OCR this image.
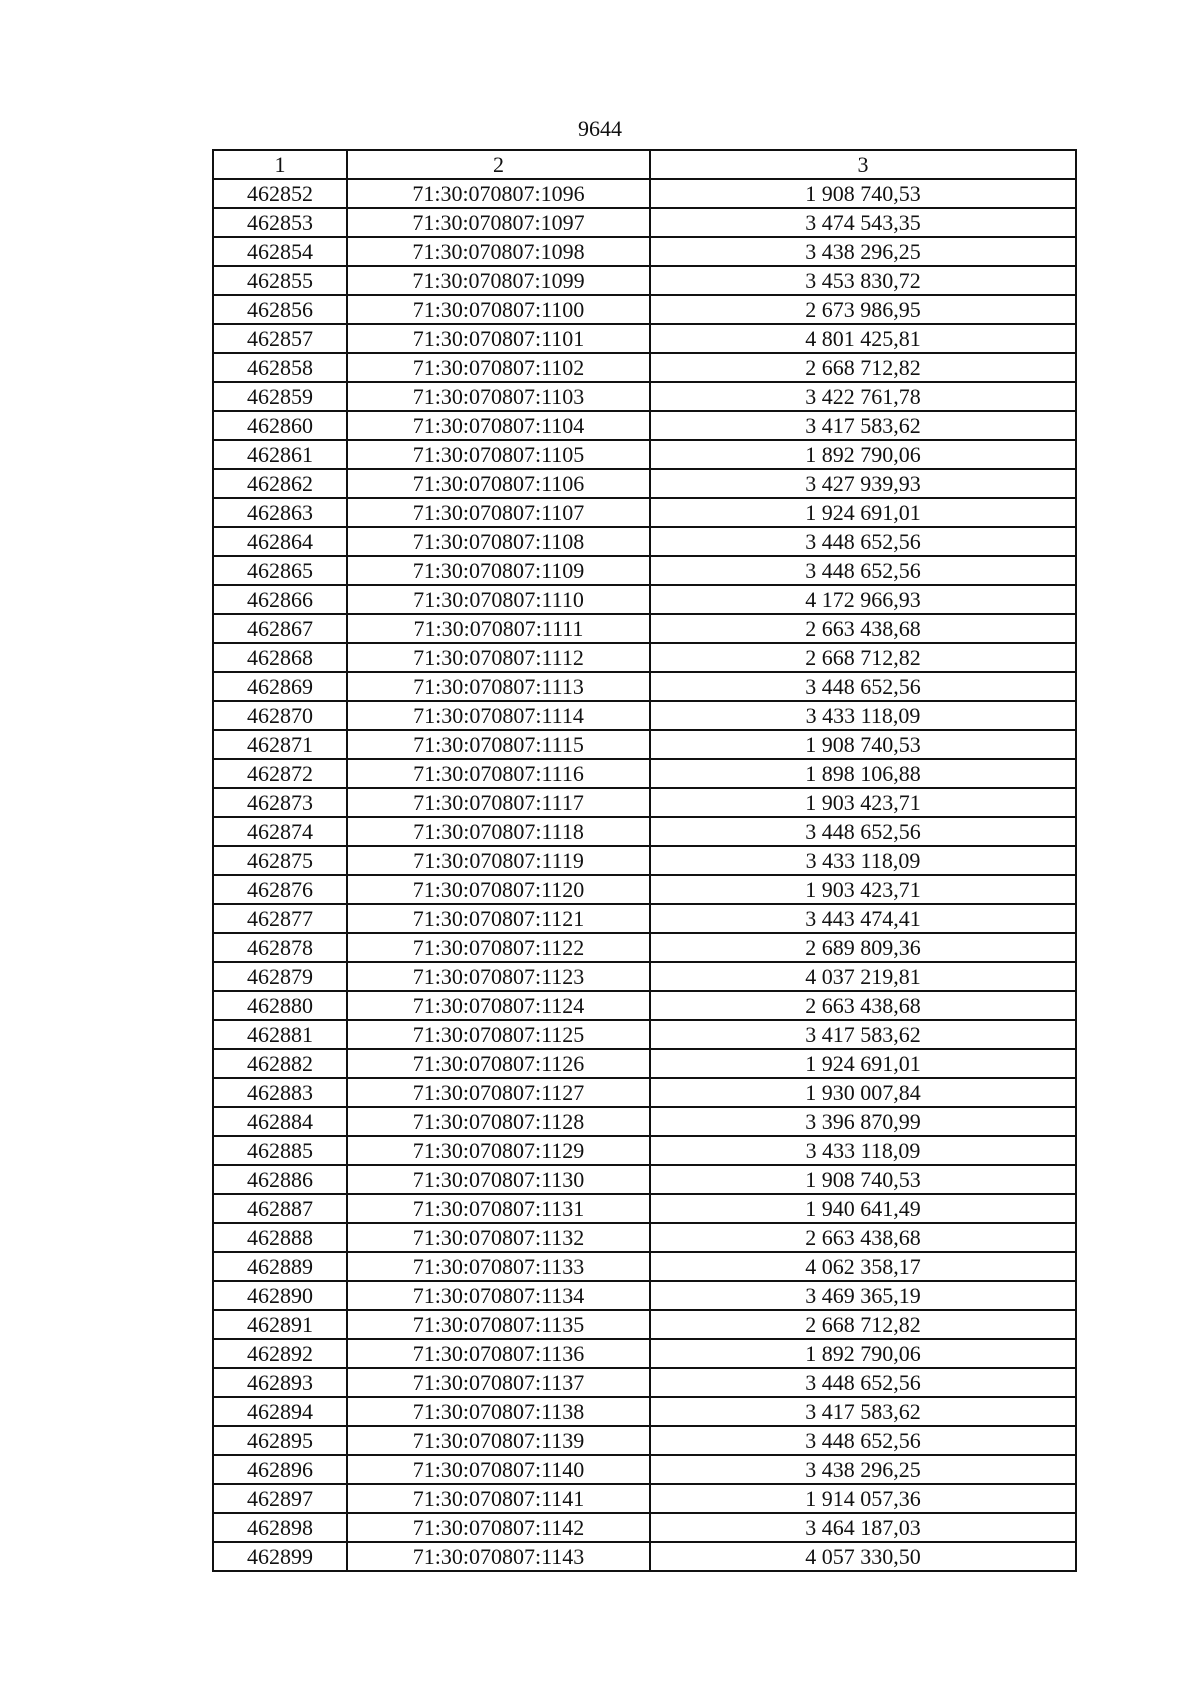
9644
1	2	3
462852	71:30:070807:1096	1 908 740,53
462853	71:30:070807:1097	3 474 543,35
462854	71:30:070807:1098	3 438 296,25
462855	71:30:070807:1099	3 453 830,72
462856	71:30:070807:1100	2 673 986,95
462857	71:30:070807:1101	4 801 425,81
462858	71:30:070807:1102	2 668 712,82
462859	71:30:070807:1103	3 422 761,78
462860	71:30:070807:1104	3 417 583,62
462861	71:30:070807:1105	1 892 790,06
462862	71:30:070807:1106	3 427 939,93
462863	71:30:070807:1107	1 924 691,01
462864	71:30:070807:1108	3 448 652,56
462865	71:30:070807:1109	3 448 652,56
462866	71:30:070807:1110	4 172 966,93
462867	71:30:070807:1111	2 663 438,68
462868	71:30:070807:1112	2 668 712,82
462869	71:30:070807:1113	3 448 652,56
462870	71:30:070807:1114	3 433 118,09
462871	71:30:070807:1115	1 908 740,53
462872	71:30:070807:1116	1 898 106,88
462873	71:30:070807:1117	1 903 423,71
462874	71:30:070807:1118	3 448 652,56
462875	71:30:070807:1119	3 433 118,09
462876	71:30:070807:1120	1 903 423,71
462877	71:30:070807:1121	3 443 474,41
462878	71:30:070807:1122	2 689 809,36
462879	71:30:070807:1123	4 037 219,81
462880	71:30:070807:1124	2 663 438,68
462881	71:30:070807:1125	3 417 583,62
462882	71:30:070807:1126	1 924 691,01
462883	71:30:070807:1127	1 930 007,84
462884	71:30:070807:1128	3 396 870,99
462885	71:30:070807:1129	3 433 118,09
462886	71:30:070807:1130	1 908 740,53
462887	71:30:070807:1131	1 940 641,49
462888	71:30:070807:1132	2 663 438,68
462889	71:30:070807:1133	4 062 358,17
462890	71:30:070807:1134	3 469 365,19
462891	71:30:070807:1135	2 668 712,82
462892	71:30:070807:1136	1 892 790,06
462893	71:30:070807:1137	3 448 652,56
462894	71:30:070807:1138	3 417 583,62
462895	71:30:070807:1139	3 448 652,56
462896	71:30:070807:1140	3 438 296,25
462897	71:30:070807:1141	1 914 057,36
462898	71:30:070807:1142	3 464 187,03
462899	71:30:070807:1143	4 057 330,50
